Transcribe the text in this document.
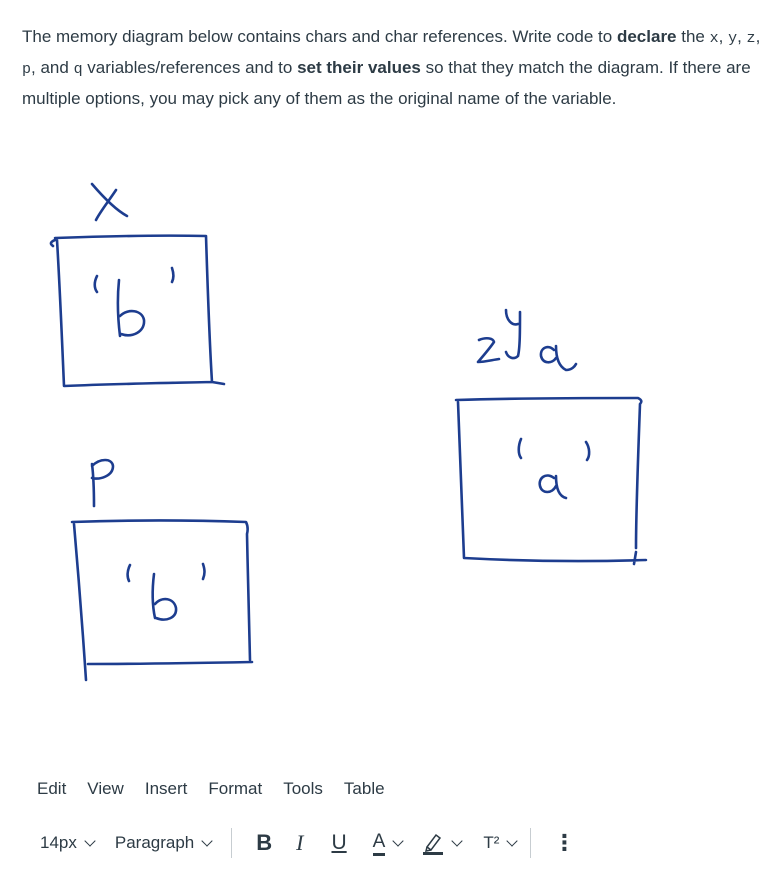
The memory diagram below contains chars and char references. Write code to declare the x, y, z, p, and q variables/references and to set their values so that they match the diagram. If there are multiple options, you may pick any of them as the original name of the variable.
Edit View Insert Format Tools Table
14px Paragraph	B I U A	T² ⋮
